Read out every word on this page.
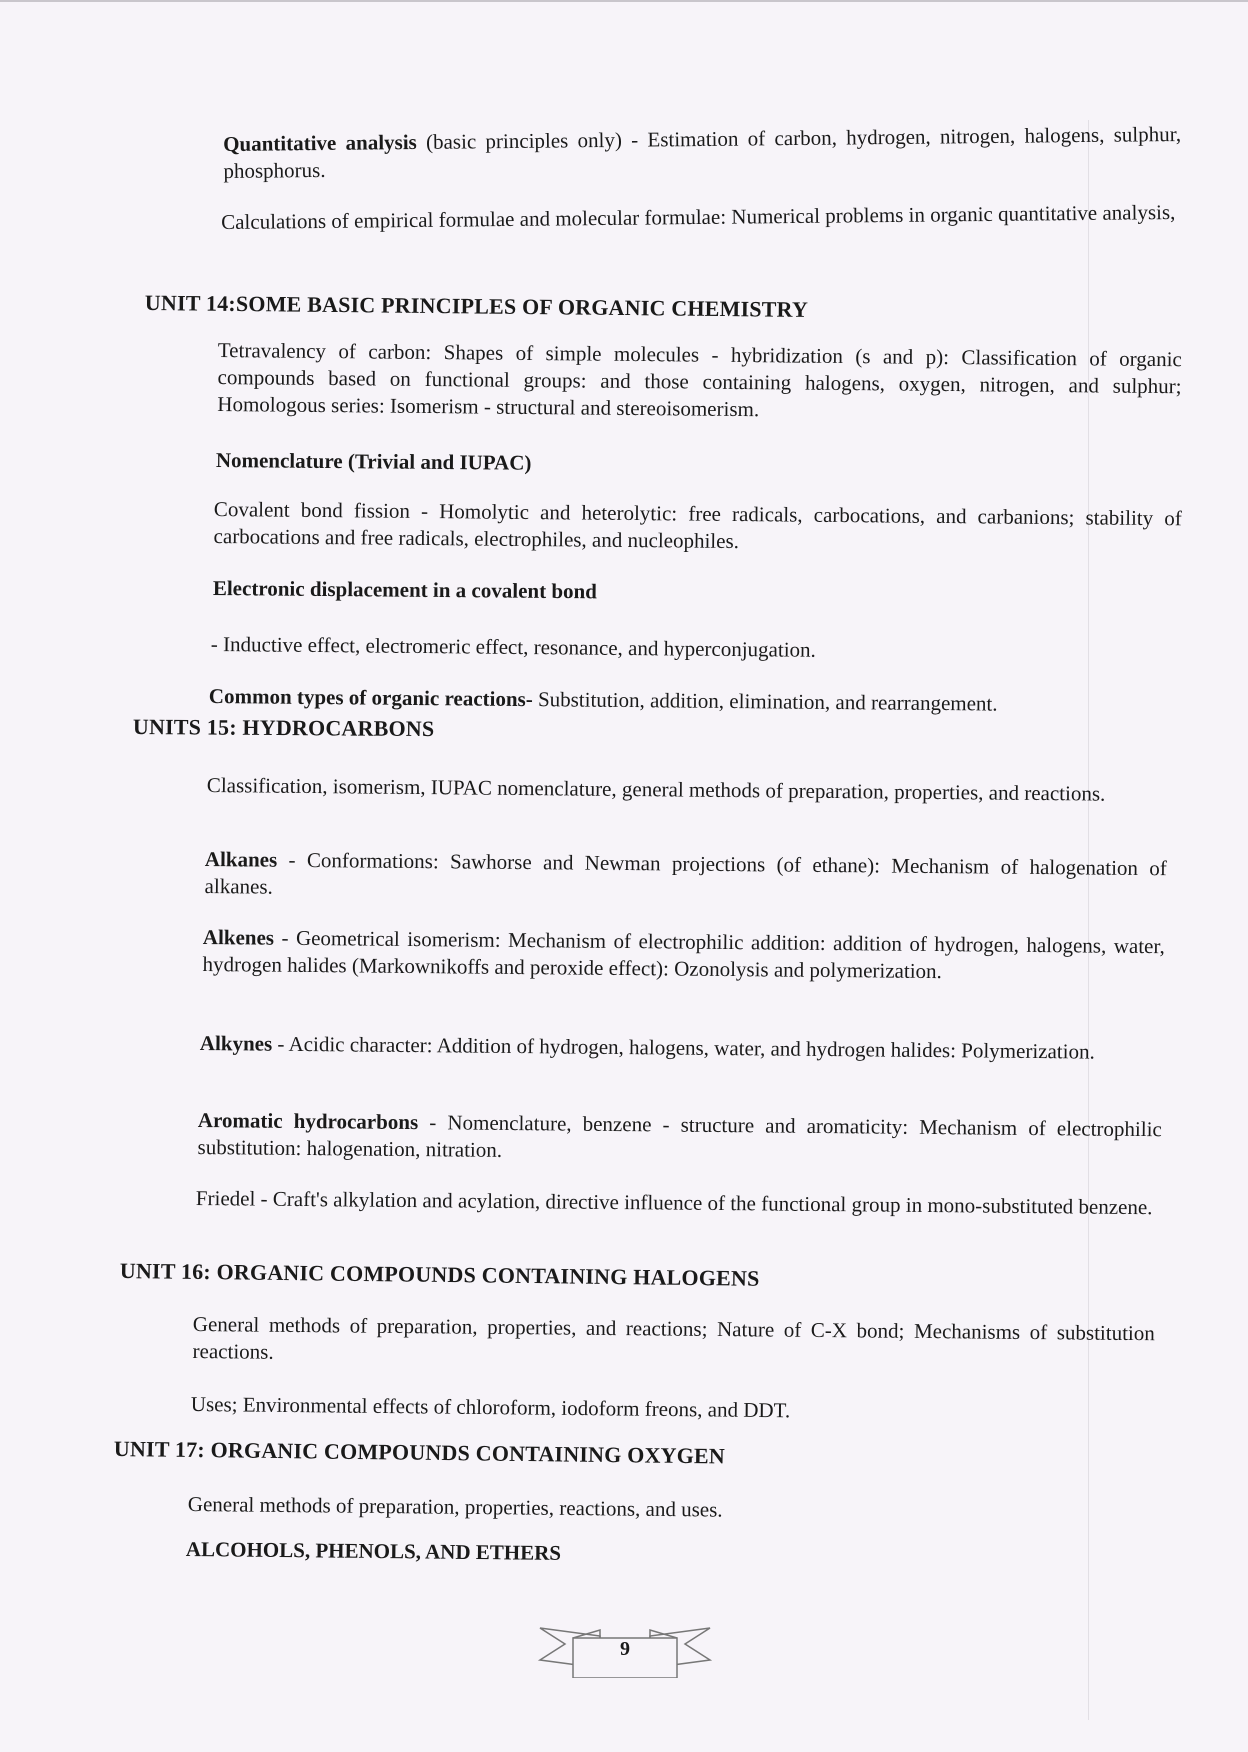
Quantitative analysis (basic principles only) - Estimation of carbon, hydrogen, nitrogen, halogens, sulphur, phosphorus.
Calculations of empirical formulae and molecular formulae: Numerical problems in organic quantitative analysis,
UNIT 14:SOME BASIC PRINCIPLES OF ORGANIC CHEMISTRY
Tetravalency of carbon: Shapes of simple molecules - hybridization (s and p): Classification of organic compounds based on functional groups: and those containing halogens, oxygen, nitrogen, and sulphur; Homologous series: Isomerism - structural and stereoisomerism.
Nomenclature (Trivial and IUPAC)
Covalent bond fission - Homolytic and heterolytic: free radicals, carbocations, and carbanions; stability of carbocations and free radicals, electrophiles, and nucleophiles.
Electronic displacement in a covalent bond
- Inductive effect, electromeric effect, resonance, and hyperconjugation.
Common types of organic reactions- Substitution, addition, elimination, and rearrangement.
UNITS 15: HYDROCARBONS
Classification, isomerism, IUPAC nomenclature, general methods of preparation, properties, and reactions.
Alkanes - Conformations: Sawhorse and Newman projections (of ethane): Mechanism of halogenation of alkanes.
Alkenes - Geometrical isomerism: Mechanism of electrophilic addition: addition of hydrogen, halogens, water, hydrogen halides (Markownikoffs and peroxide effect): Ozonolysis and polymerization.
Alkynes - Acidic character: Addition of hydrogen, halogens, water, and hydrogen halides: Polymerization.
Aromatic hydrocarbons - Nomenclature, benzene - structure and aromaticity: Mechanism of electrophilic substitution: halogenation, nitration.
Friedel - Craft's alkylation and acylation, directive influence of the functional group in mono-substituted benzene.
UNIT 16: ORGANIC COMPOUNDS CONTAINING HALOGENS
General methods of preparation, properties, and reactions; Nature of C-X bond; Mechanisms of substitution reactions.
Uses; Environmental effects of chloroform, iodoform freons, and DDT.
UNIT 17: ORGANIC COMPOUNDS CONTAINING OXYGEN
General methods of preparation, properties, reactions, and uses.
ALCOHOLS, PHENOLS, AND ETHERS
9
